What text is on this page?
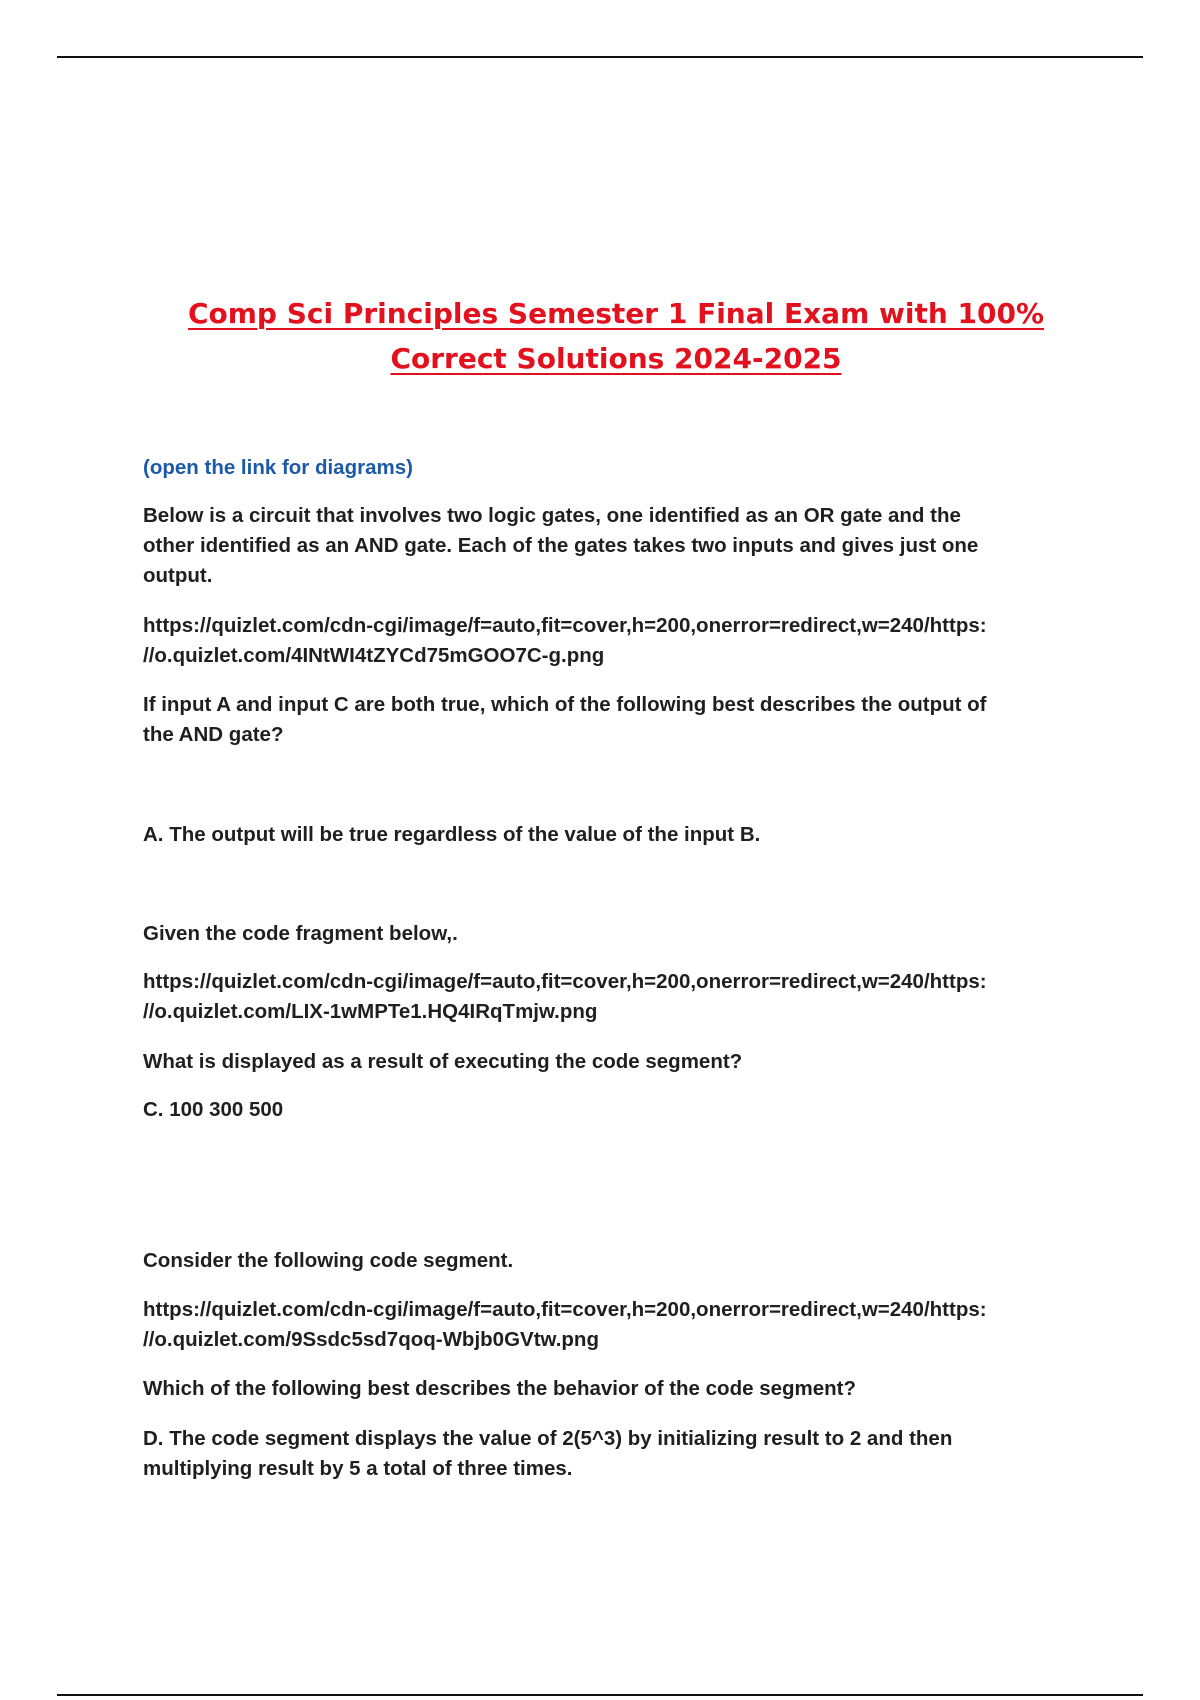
Comp Sci Principles Semester 1 Final Exam with 100%
Correct Solutions 2024-2025

(open the link for diagrams)

Below is a circuit that involves two logic gates, one identified as an OR gate and the
other identified as an AND gate. Each of the gates takes two inputs and gives just one
output.

https://quizlet.com/cdn-cgi/image/f=auto,fit=cover,h=200,onerror=redirect,w=240/https:
//o.quizlet.com/4INtWI4tZYCd75mGOO7C-g.png

If input A and input C are both true, which of the following best describes the output of
the AND gate?

A. The output will be true regardless of the value of the input B.

Given the code fragment below,.

https://quizlet.com/cdn-cgi/image/f=auto,fit=cover,h=200,onerror=redirect,w=240/https:
//o.quizlet.com/LIX-1wMPTe1.HQ4IRqTmjw.png

What is displayed as a result of executing the code segment?

C. 100 300 500

Consider the following code segment.

https://quizlet.com/cdn-cgi/image/f=auto,fit=cover,h=200,onerror=redirect,w=240/https:
//o.quizlet.com/9Ssdc5sd7qoq-Wbjb0GVtw.png

Which of the following best describes the behavior of the code segment?

D. The code segment displays the value of 2(5^3) by initializing result to 2 and then
multiplying result by 5 a total of three times.
